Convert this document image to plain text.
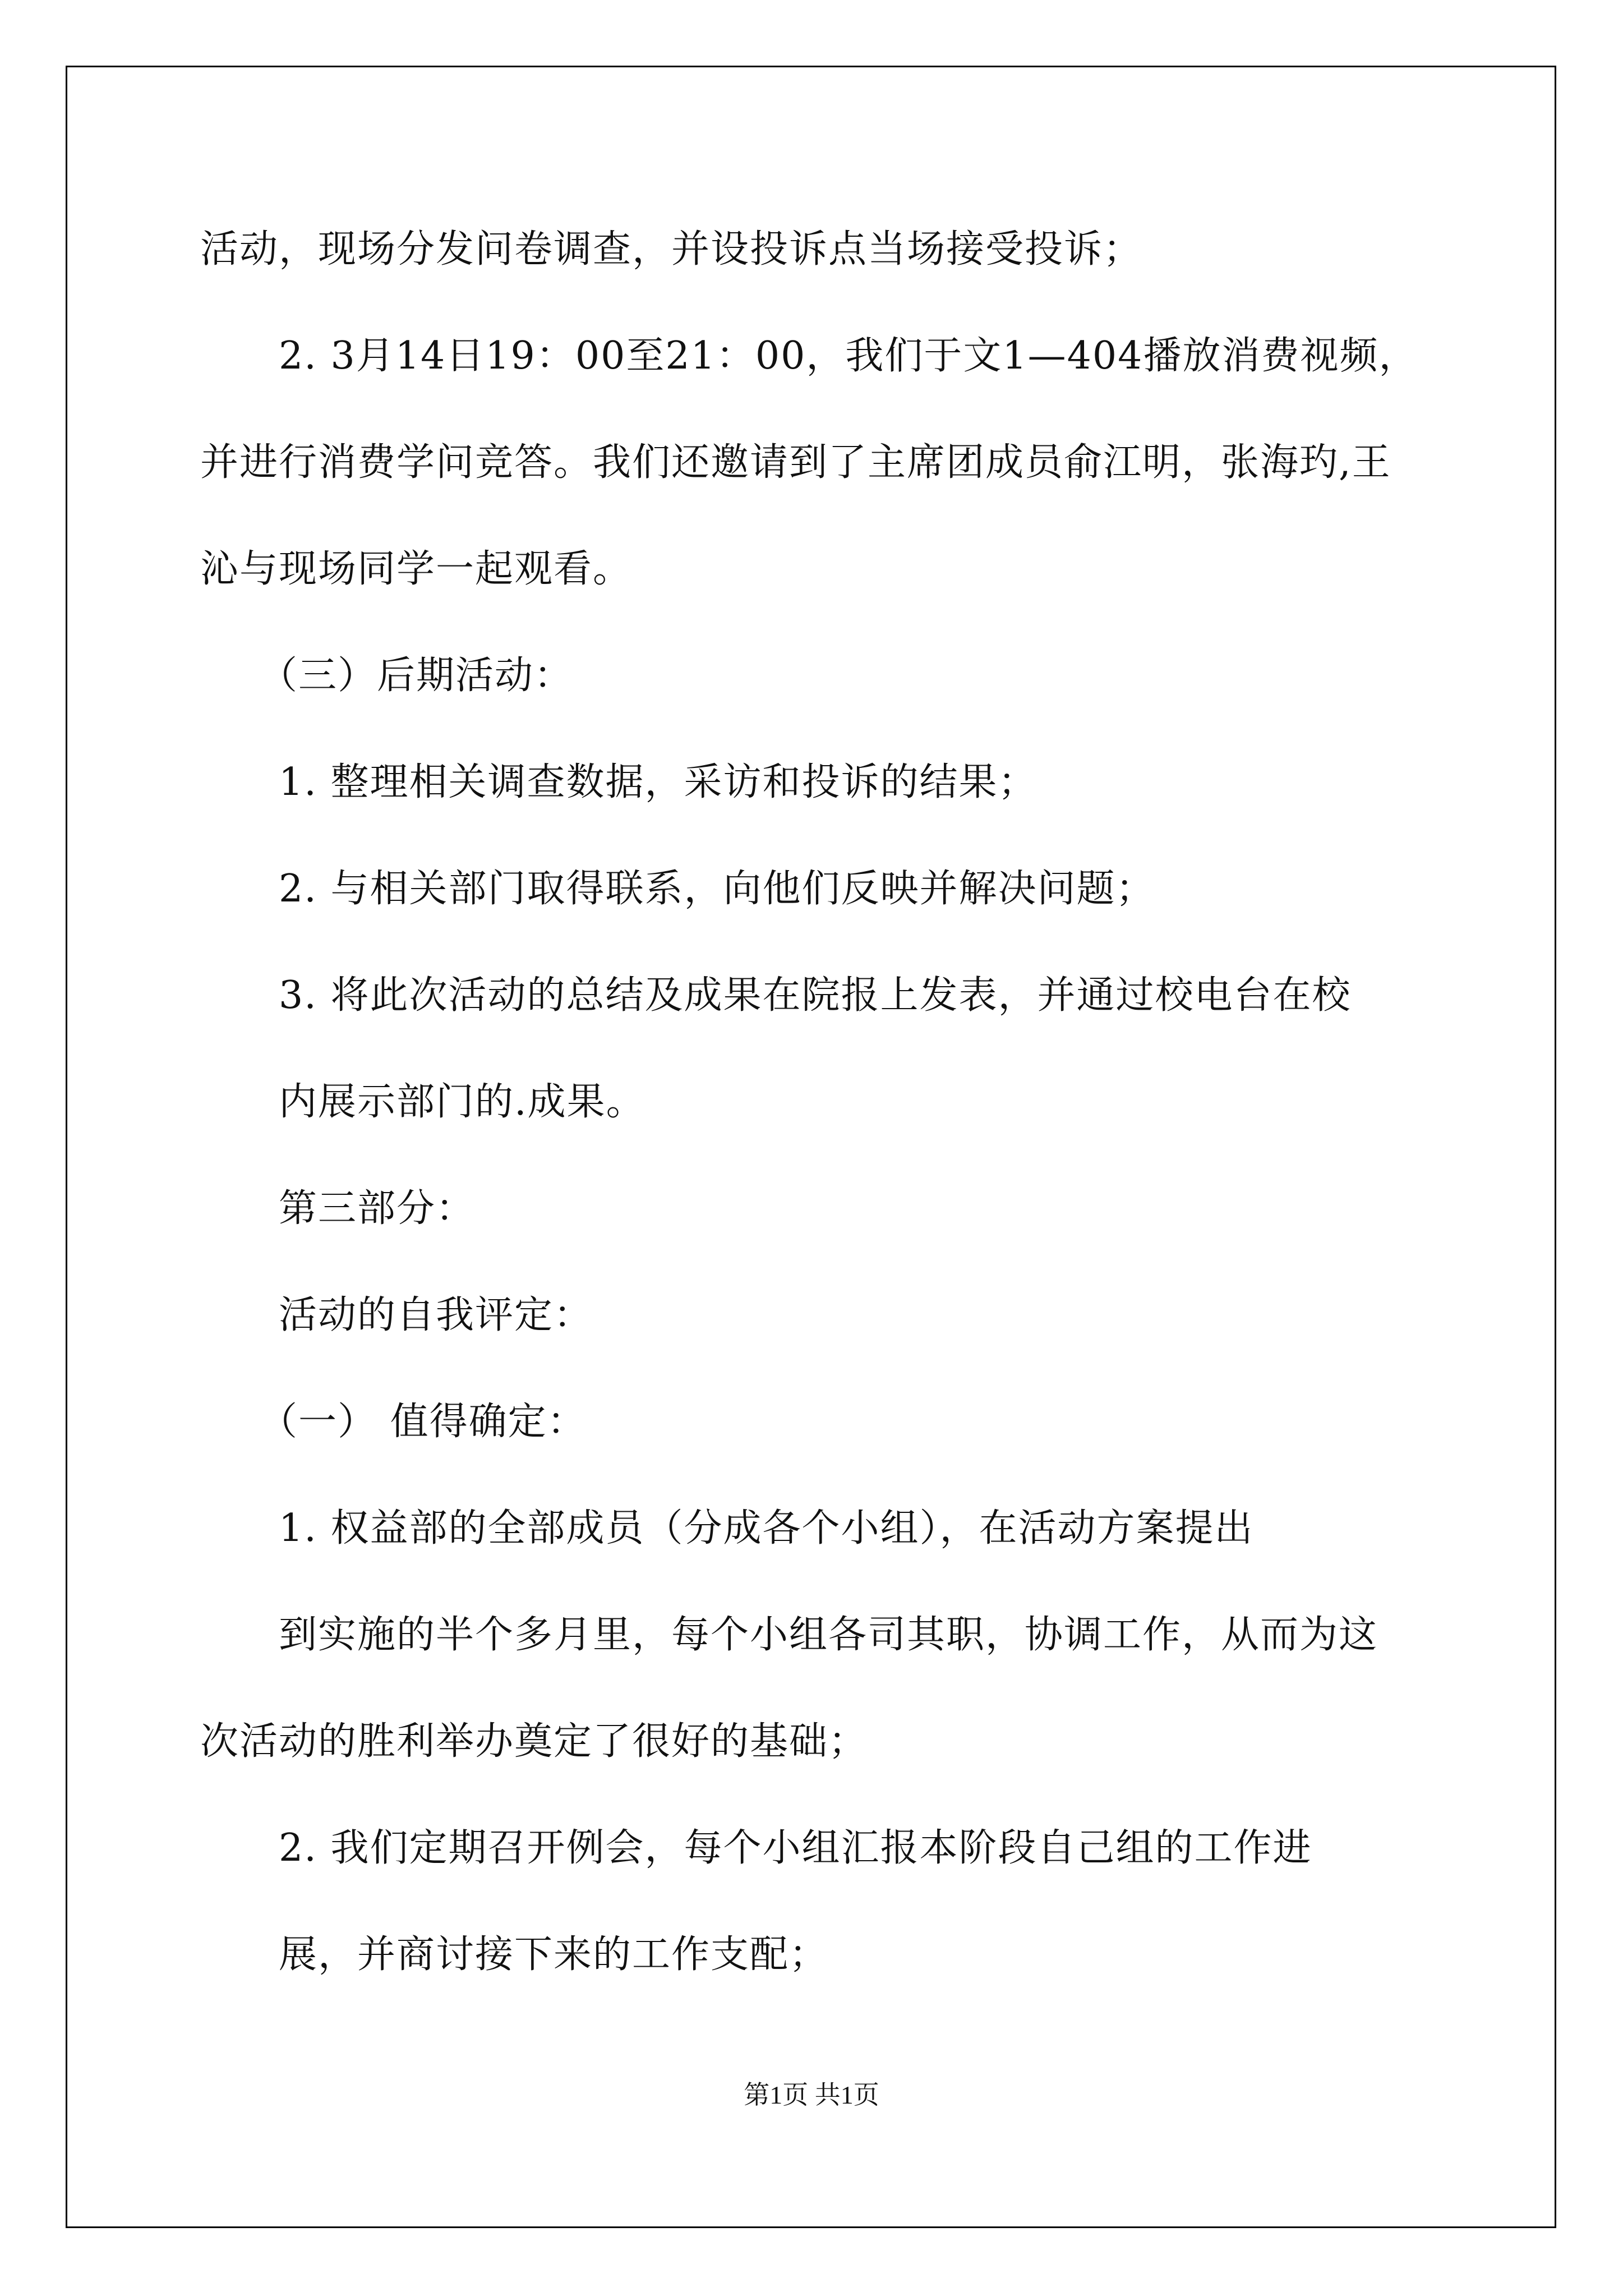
活动，现场分发问卷调查，并设投诉点当场接受投诉；

2. 3月14日19：00至21：00，我们于文1—404播放消费视频，

并进行消费学问竞答。我们还邀请到了主席团成员俞江明，张海玓,王

沁与现场同学一起观看。

（三）后期活动：

1. 整理相关调查数据，采访和投诉的结果；

2. 与相关部门取得联系，向他们反映并解决问题；

3. 将此次活动的总结及成果在院报上发表，并通过校电台在校

内展示部门的.成果。

第三部分：

活动的自我评定：

（一） 值得确定：

1. 权益部的全部成员（分成各个小组），在活动方案提出

到实施的半个多月里，每个小组各司其职，协调工作，从而为这

次活动的胜利举办奠定了很好的基础；

2. 我们定期召开例会，每个小组汇报本阶段自己组的工作进

展，并商讨接下来的工作支配；

第1页 共1页
